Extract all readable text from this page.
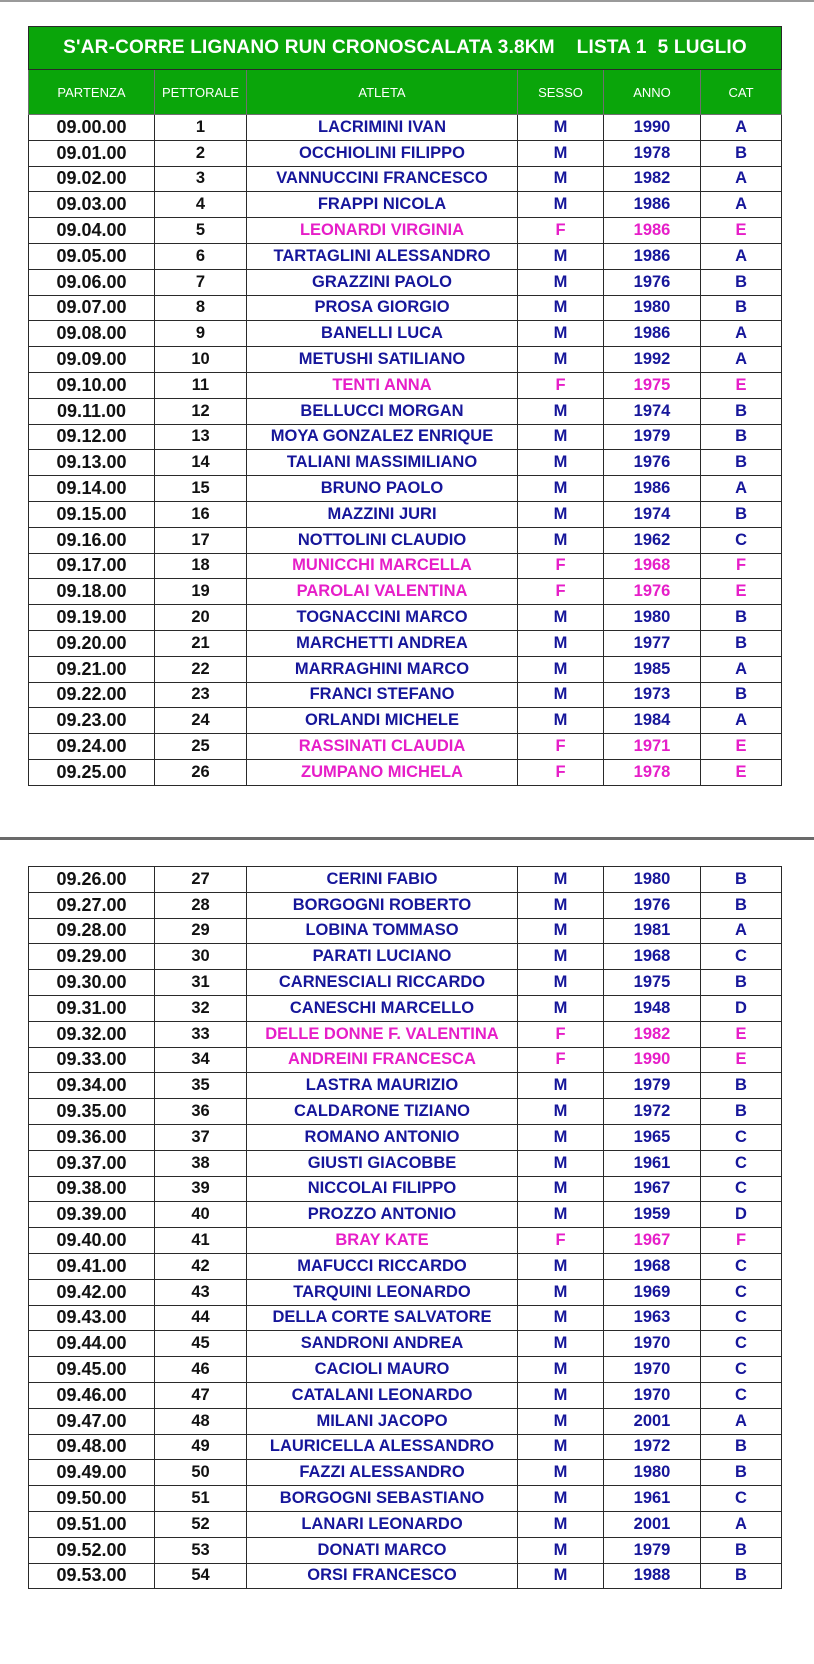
S'AR-CORRE LIGNANO RUN CRONOSCALATA 3.8KM    LISTA 1  5 LUGLIO					
PARTENZA	PETTORALE	ATLETA	SESSO	ANNO	CAT
09.00.00	1	LACRIMINI IVAN	M	1990	A
09.01.00	2	OCCHIOLINI FILIPPO	M	1978	B
09.02.00	3	VANNUCCINI FRANCESCO	M	1982	A
09.03.00	4	FRAPPI NICOLA	M	1986	A
09.04.00	5	LEONARDI VIRGINIA	F	1986	E
09.05.00	6	TARTAGLINI ALESSANDRO	M	1986	A
09.06.00	7	GRAZZINI PAOLO	M	1976	B
09.07.00	8	PROSA GIORGIO	M	1980	B
09.08.00	9	BANELLI LUCA	M	1986	A
09.09.00	10	METUSHI SATILIANO	M	1992	A
09.10.00	11	TENTI ANNA	F	1975	E
09.11.00	12	BELLUCCI MORGAN	M	1974	B
09.12.00	13	MOYA GONZALEZ ENRIQUE	M	1979	B
09.13.00	14	TALIANI MASSIMILIANO	M	1976	B
09.14.00	15	BRUNO PAOLO	M	1986	A
09.15.00	16	MAZZINI JURI	M	1974	B
09.16.00	17	NOTTOLINI CLAUDIO	M	1962	C
09.17.00	18	MUNICCHI MARCELLA	F	1968	F
09.18.00	19	PAROLAI VALENTINA	F	1976	E
09.19.00	20	TOGNACCINI MARCO	M	1980	B
09.20.00	21	MARCHETTI ANDREA	M	1977	B
09.21.00	22	MARRAGHINI MARCO	M	1985	A
09.22.00	23	FRANCI STEFANO	M	1973	B
09.23.00	24	ORLANDI MICHELE	M	1984	A
09.24.00	25	RASSINATI CLAUDIA	F	1971	E
09.25.00	26	ZUMPANO MICHELA	F	1978	E
09.26.00	27	CERINI FABIO	M	1980	B
09.27.00	28	BORGOGNI ROBERTO	M	1976	B
09.28.00	29	LOBINA TOMMASO	M	1981	A
09.29.00	30	PARATI LUCIANO	M	1968	C
09.30.00	31	CARNESCIALI RICCARDO	M	1975	B
09.31.00	32	CANESCHI MARCELLO	M	1948	D
09.32.00	33	DELLE DONNE F. VALENTINA	F	1982	E
09.33.00	34	ANDREINI FRANCESCA	F	1990	E
09.34.00	35	LASTRA MAURIZIO	M	1979	B
09.35.00	36	CALDARONE TIZIANO	M	1972	B
09.36.00	37	ROMANO ANTONIO	M	1965	C
09.37.00	38	GIUSTI GIACOBBE	M	1961	C
09.38.00	39	NICCOLAI FILIPPO	M	1967	C
09.39.00	40	PROZZO ANTONIO	M	1959	D
09.40.00	41	BRAY KATE	F	1967	F
09.41.00	42	MAFUCCI RICCARDO	M	1968	C
09.42.00	43	TARQUINI LEONARDO	M	1969	C
09.43.00	44	DELLA CORTE SALVATORE	M	1963	C
09.44.00	45	SANDRONI ANDREA	M	1970	C
09.45.00	46	CACIOLI MAURO	M	1970	C
09.46.00	47	CATALANI LEONARDO	M	1970	C
09.47.00	48	MILANI JACOPO	M	2001	A
09.48.00	49	LAURICELLA ALESSANDRO	M	1972	B
09.49.00	50	FAZZI ALESSANDRO	M	1980	B
09.50.00	51	BORGOGNI SEBASTIANO	M	1961	C
09.51.00	52	LANARI LEONARDO	M	2001	A
09.52.00	53	DONATI MARCO	M	1979	B
09.53.00	54	ORSI FRANCESCO	M	1988	B
